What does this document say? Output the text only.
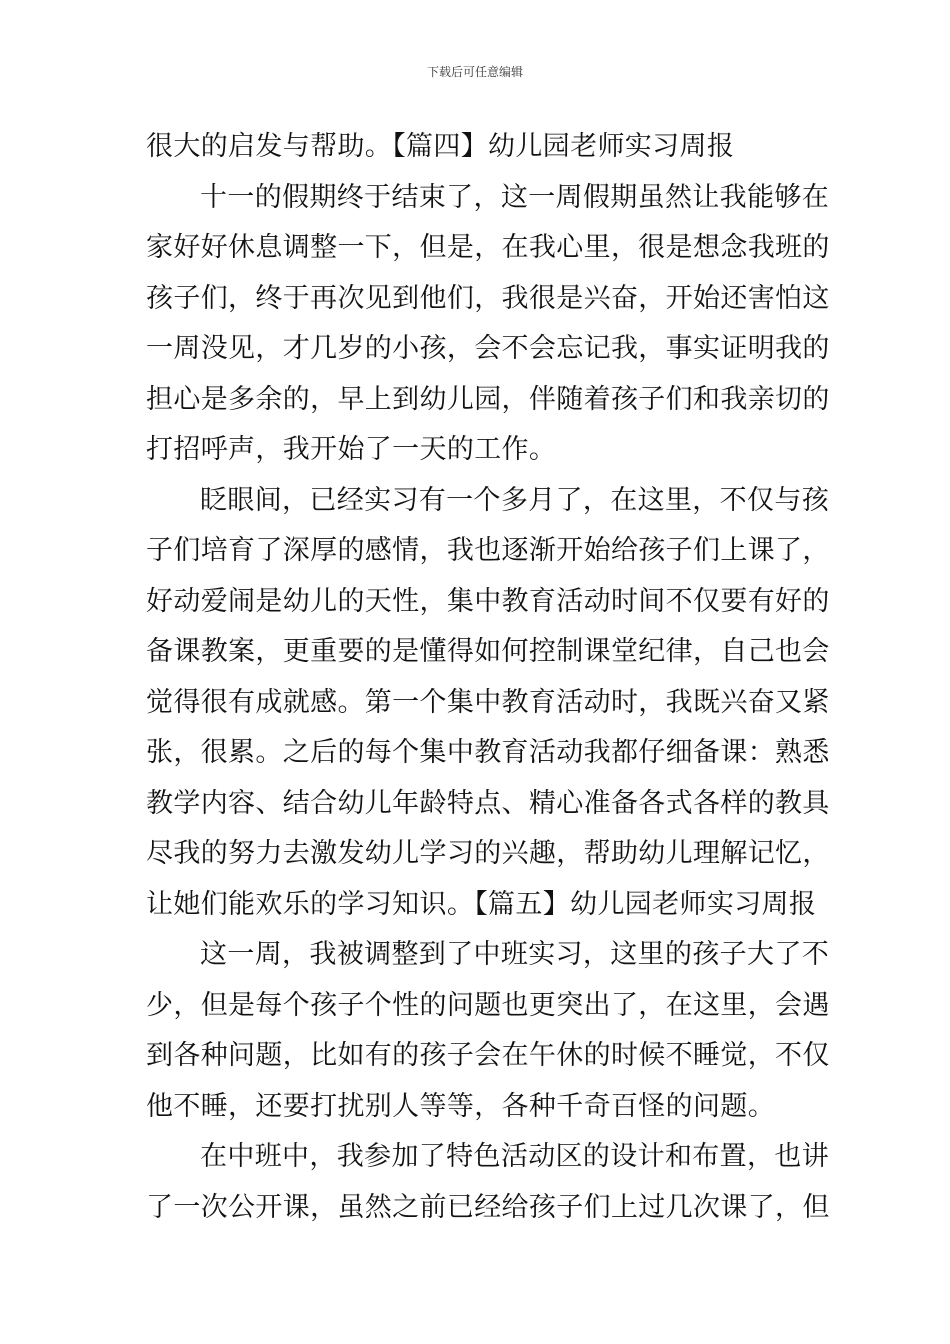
下载后可任意编辑
很大的启发与帮助。【篇四】幼儿园老师实习周报
十一的假期终于结束了，这一周假期虽然让我能够在
家好好休息调整一下，但是，在我心里，很是想念我班的
孩子们，终于再次见到他们，我很是兴奋，开始还害怕这
一周没见，才几岁的小孩，会不会忘记我，事实证明我的
担心是多余的，早上到幼儿园，伴随着孩子们和我亲切的
打招呼声，我开始了一天的工作。
眨眼间，已经实习有一个多月了，在这里，不仅与孩
子们培育了深厚的感情，我也逐渐开始给孩子们上课了，
好动爱闹是幼儿的天性，集中教育活动时间不仅要有好的
备课教案，更重要的是懂得如何控制课堂纪律，自己也会
觉得很有成就感。第一个集中教育活动时，我既兴奋又紧
张，很累。之后的每个集中教育活动我都仔细备课：熟悉
教学内容、结合幼儿年龄特点、精心准备各式各样的教具
尽我的努力去激发幼儿学习的兴趣，帮助幼儿理解记忆，
让她们能欢乐的学习知识。【篇五】幼儿园老师实习周报
这一周，我被调整到了中班实习，这里的孩子大了不
少，但是每个孩子个性的问题也更突出了，在这里，会遇
到各种问题，比如有的孩子会在午休的时候不睡觉，不仅
他不睡，还要打扰别人等等，各种千奇百怪的问题。
在中班中，我参加了特色活动区的设计和布置，也讲
了一次公开课，虽然之前已经给孩子们上过几次课了，但
